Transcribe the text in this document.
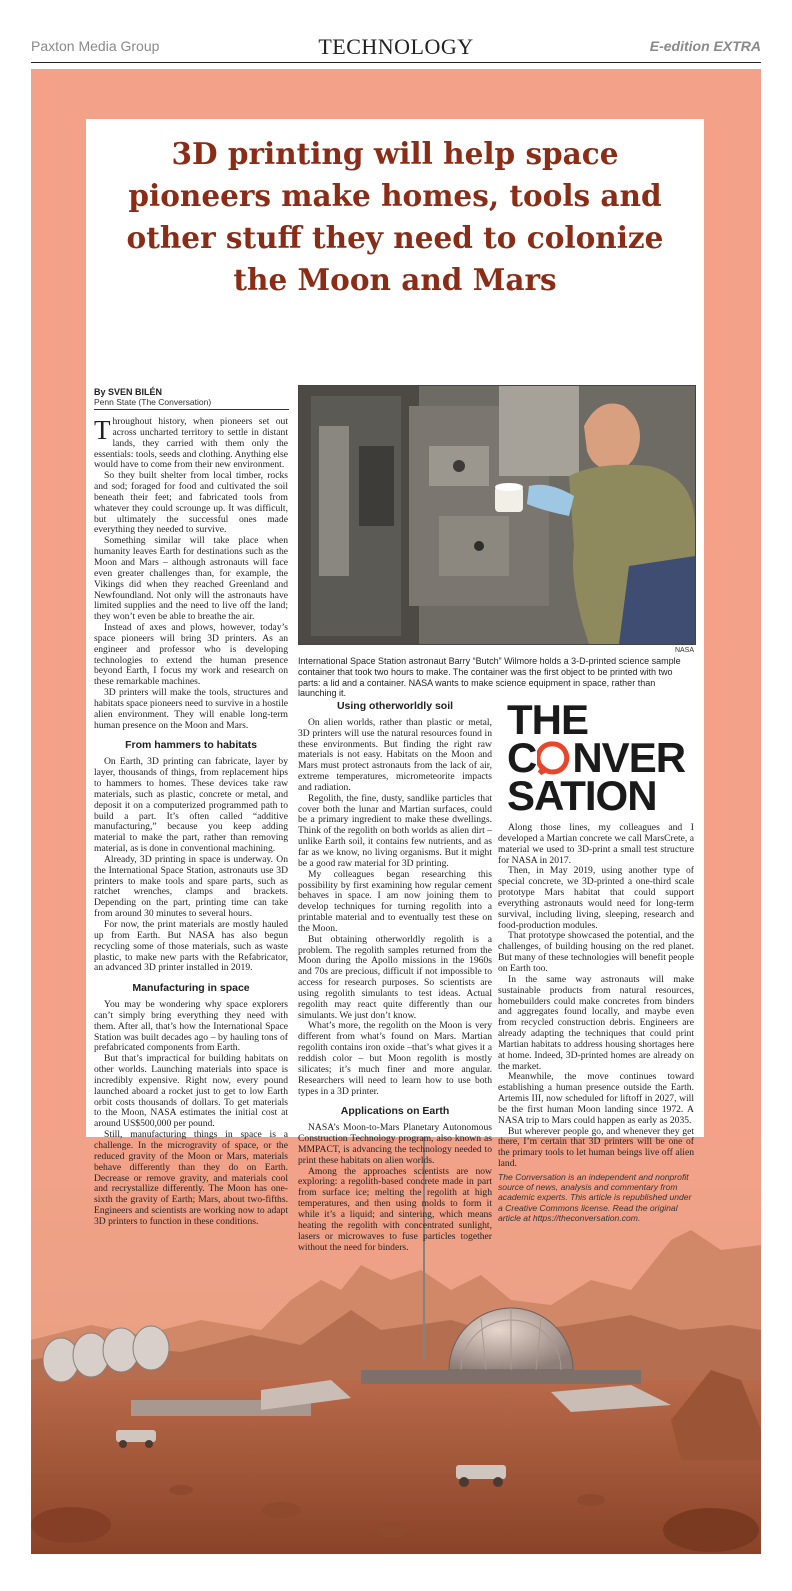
Paxton Media Group	TECHNOLOGY	E-edition EXTRA
3D printing will help space pioneers make homes, tools and other stuff they need to colonize the Moon and Mars
By SVEN BILÉN
Penn State (The Conversation)
NASA
International Space Station astronaut Barry “Butch” Wilmore holds a 3-D-printed science sample container that took two hours to make. The container was the first object to be printed with two parts: a lid and a container. NASA wants to make science equipment in space, rather than launching it.

Throughout history, when pioneers set out across uncharted territory to settle in distant lands, they carried with them only the essentials: tools, seeds and clothing. Anything else would have to come from their new environment.

So they built shelter from local timber, rocks and sod; foraged for food and cultivated the soil beneath their feet; and fabricated tools from whatever they could scrounge up. It was difficult, but ultimately the successful ones made everything they needed to survive.

Something similar will take place when humanity leaves Earth for destinations such as the Moon and Mars – although astronauts will face even greater challenges than, for example, the Vikings did when they reached Greenland and Newfoundland. Not only will the astronauts have limited supplies and the need to live off the land; they won’t even be able to breathe the air.

Instead of axes and plows, however, today’s space pioneers will bring 3D printers. As an engineer and professor who is developing technologies to extend the human presence beyond Earth, I focus my work and research on these remarkable machines.

3D printers will make the tools, structures and habitats space pioneers need to survive in a hostile alien environment. They will enable long-term human presence on the Moon and Mars.

From hammers to habitats

On Earth, 3D printing can fabricate, layer by layer, thousands of things, from replacement hips to hammers to homes. These devices take raw materials, such as plastic, concrete or metal, and deposit it on a computerized programmed path to build a part. It’s often called “additive manufacturing,” because you keep adding material to make the part, rather than removing material, as is done in conventional machining.

Already, 3D printing in space is underway. On the International Space Station, astronauts use 3D printers to make tools and spare parts, such as ratchet wrenches, clamps and brackets. Depending on the part, printing time can take from around 30 minutes to several hours.

For now, the print materials are mostly hauled up from Earth. But NASA has also begun recycling some of those materials, such as waste plastic, to make new parts with the Refabricator, an advanced 3D printer installed in 2019.

Manufacturing in space

You may be wondering why space explorers can’t simply bring everything they need with them. After all, that’s how the International Space Station was built decades ago – by hauling tons of prefabricated components from Earth.

But that’s impractical for building habitats on other worlds. Launching materials into space is incredibly expensive. Right now, every pound launched aboard a rocket just to get to low Earth orbit costs thousands of dollars. To get materials to the Moon, NASA estimates the initial cost at around US$500,000 per pound.

Still, manufacturing things in space is a challenge. In the microgravity of space, or the reduced gravity of the Moon or Mars, materials behave differently than they do on Earth. Decrease or remove gravity, and materials cool and recrystallize differently. The Moon has one-sixth the gravity of Earth; Mars, about two-fifths. Engineers and scientists are working now to adapt 3D printers to function in these conditions.

Using otherworldly soil

On alien worlds, rather than plastic or metal, 3D printers will use the natural resources found in these environments. But finding the right raw materials is not easy. Habitats on the Moon and Mars must protect astronauts from the lack of air, extreme temperatures, micrometeorite impacts and radiation.

Regolith, the fine, dusty, sandlike particles that cover both the lunar and Martian surfaces, could be a primary ingredient to make these dwellings. Think of the regolith on both worlds as alien dirt – unlike Earth soil, it contains few nutrients, and as far as we know, no living organisms. But it might be a good raw material for 3D printing.

My colleagues began researching this possibility by first examining how regular cement behaves in space. I am now joining them to develop techniques for turning regolith into a printable material and to eventually test these on the Moon.

But obtaining otherworldly regolith is a problem. The regolith samples returned from the Moon during the Apollo missions in the 1960s and 70s are precious, difficult if not impossible to access for research purposes. So scientists are using regolith simulants to test ideas. Actual regolith may react quite differently than our simulants. We just don’t know.

What’s more, the regolith on the Moon is very different from what’s found on Mars. Martian regolith contains iron oxide –that’s what gives it a reddish color – but Moon regolith is mostly silicates; it’s much finer and more angular. Researchers will need to learn how to use both types in a 3D printer.

Applications on Earth

NASA’s Moon-to-Mars Planetary Autonomous Construction Technology program, also known as MMPACT, is advancing the technology needed to print these habitats on alien worlds.

Among the approaches scientists are now exploring: a regolith-based concrete made in part from surface ice; melting the regolith at high temperatures, and then using molds to form it while it’s a liquid; and sintering, which means heating the regolith with concentrated sunlight, lasers or microwaves to fuse particles together without the need for binders.

THE
C NVER
SATION

Along those lines, my colleagues and I developed a Martian concrete we call MarsCrete, a material we used to 3D-print a small test structure for NASA in 2017.

Then, in May 2019, using another type of special concrete, we 3D-printed a one-third scale prototype Mars habitat that could support everything astronauts would need for long-term survival, including living, sleeping, research and food-production modules.

That prototype showcased the potential, and the challenges, of building housing on the red planet. But many of these technologies will benefit people on Earth too.

In the same way astronauts will make sustainable products from natural resources, homebuilders could make concretes from binders and aggregates found locally, and maybe even from recycled construction debris. Engineers are already adapting the techniques that could print Martian habitats to address housing shortages here at home. Indeed, 3D-printed homes are already on the market.

Meanwhile, the move continues toward establishing a human presence outside the Earth. Artemis III, now scheduled for liftoff in 2027, will be the first human Moon landing since 1972. A NASA trip to Mars could happen as early as 2035.

But wherever people go, and whenever they get there, I’m certain that 3D printers will be one of the primary tools to let human beings live off alien land.

The Conversation is an independent and nonprofit source of news, analysis and commentary from academic experts. This article is republished under a Creative Commons license. Read the original article at https://theconversation.com.
